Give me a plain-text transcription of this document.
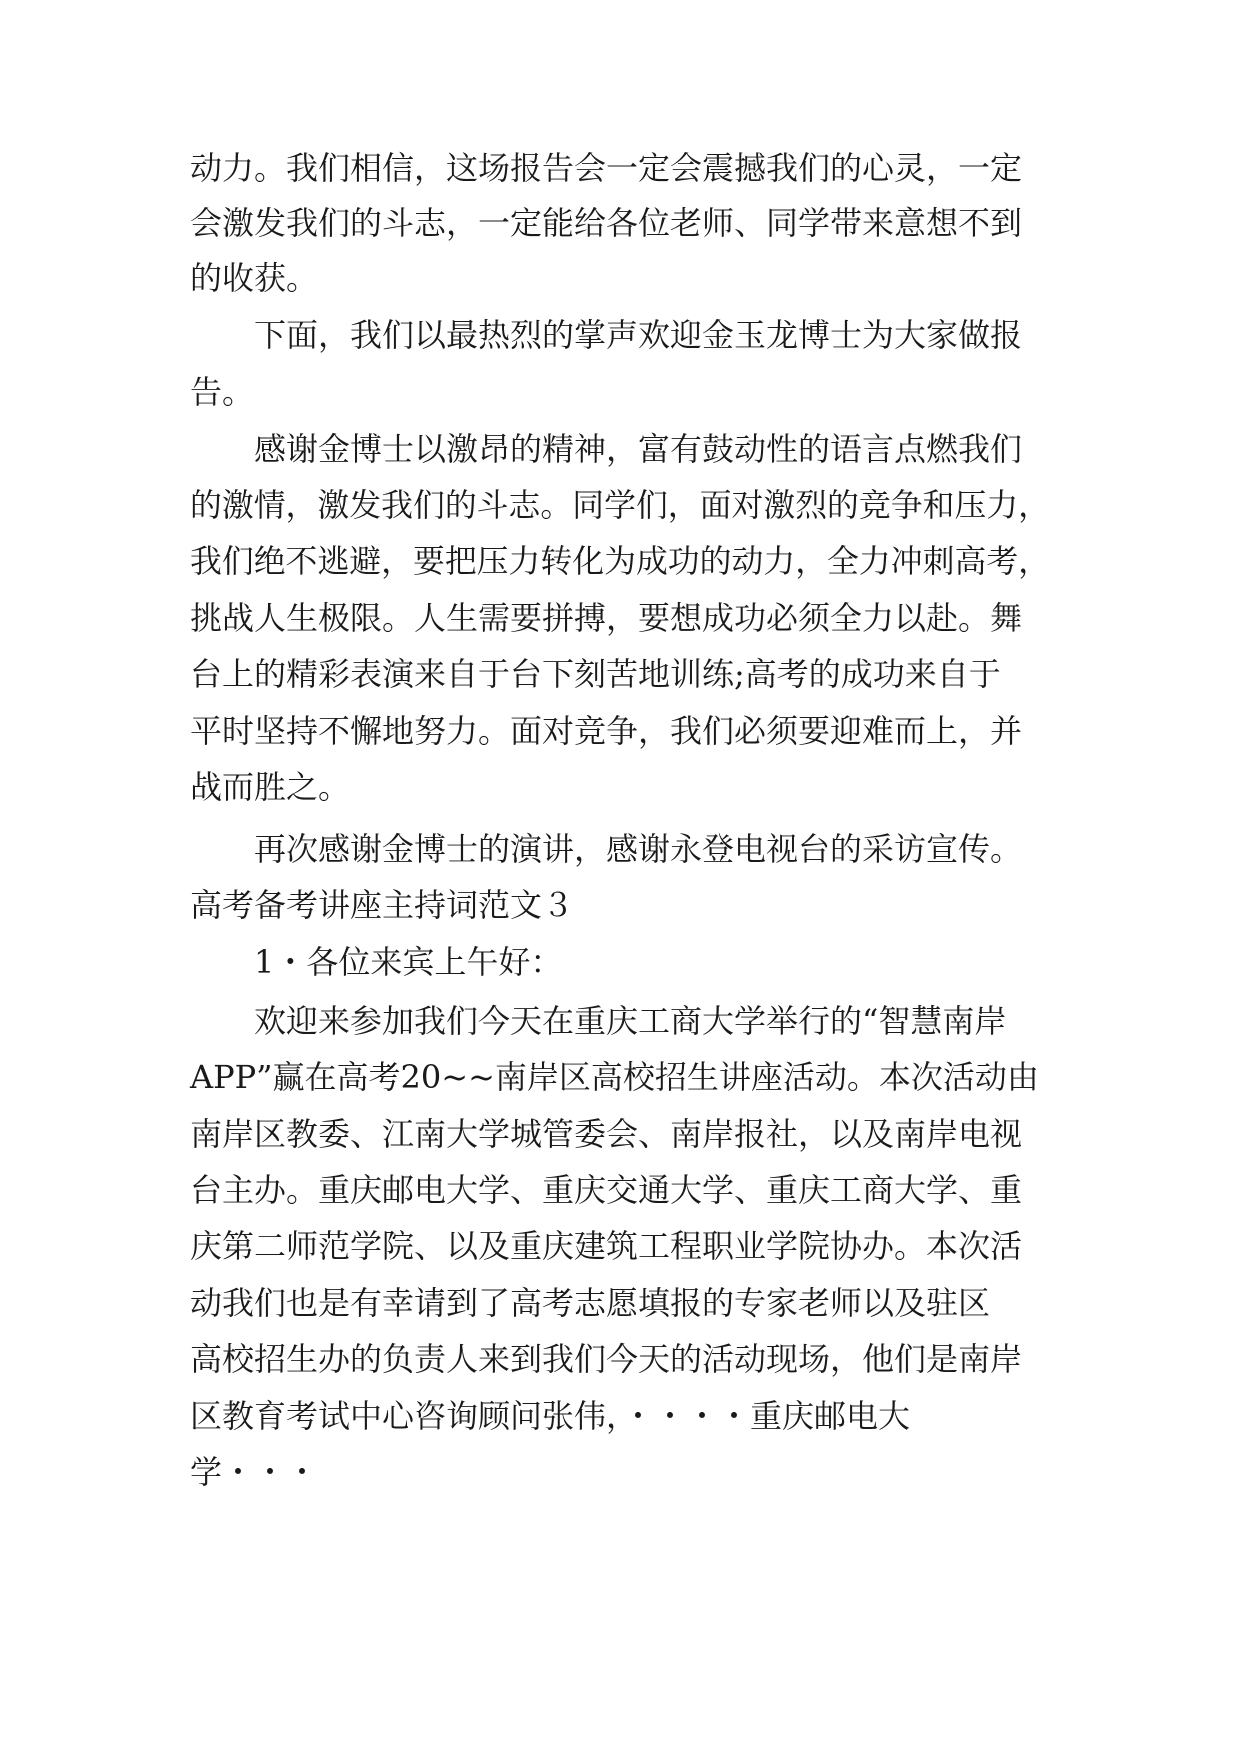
动力。我们相信，这场报告会一定会震撼我们的心灵，一定

会激发我们的斗志，一定能给各位老师、同学带来意想不到

的收获。

下面，我们以最热烈的掌声欢迎金玉龙博士为大家做报

告。

感谢金博士以激昂的精神，富有鼓动性的语言点燃我们

的激情，激发我们的斗志。同学们，面对激烈的竞争和压力，

我们绝不逃避，要把压力转化为成功的动力，全力冲刺高考，

挑战人生极限。人生需要拼搏，要想成功必须全力以赴。舞

台上的精彩表演来自于台下刻苦地训练;高考的成功来自于

平时坚持不懈地努力。面对竞争，我们必须要迎难而上，并

战而胜之。

再次感谢金博士的演讲，感谢永登电视台的采访宣传。

高考备考讲座主持词范文３

1・各位来宾上午好：

欢迎来参加我们今天在重庆工商大学举行的“智慧南岸

APP”赢在高考20~~南岸区高校招生讲座活动。本次活动由

南岸区教委、江南大学城管委会、南岸报社，以及南岸电视

台主办。重庆邮电大学、重庆交通大学、重庆工商大学、重

庆第二师范学院、以及重庆建筑工程职业学院协办。本次活

动我们也是有幸请到了高考志愿填报的专家老师以及驻区

高校招生办的负责人来到我们今天的活动现场，他们是南岸

区教育考试中心咨询顾问张伟，・・・・重庆邮电大

学・・・
